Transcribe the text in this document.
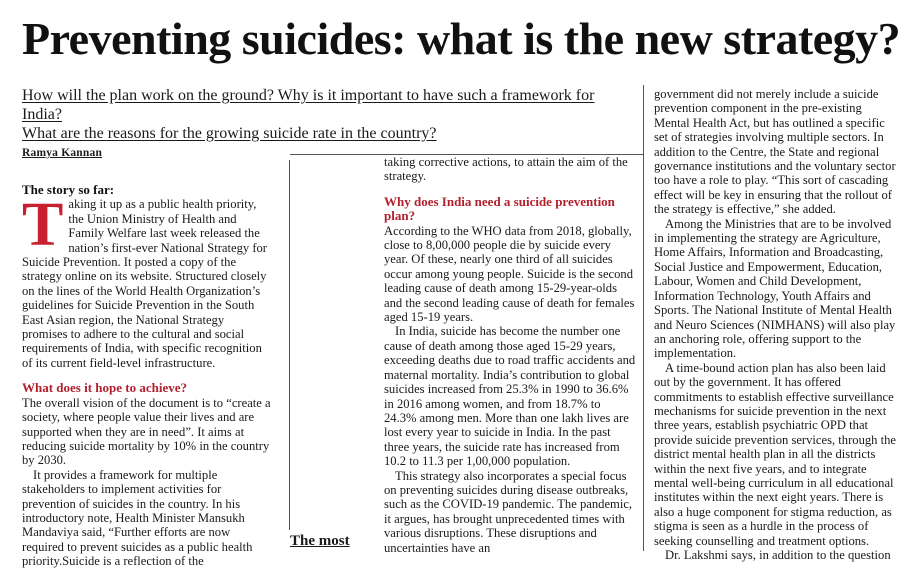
Preventing suicides: what is the new strategy?
How will the plan work on the ground? Why is it important to have such a framework for India?
What are the reasons for the growing suicide rate in the country?
Ramya Kannan
The story so far:

Taking it up as a public health priority, the Union Ministry of Health and Family Welfare last week released the nation’s first-ever National Strategy for Suicide Prevention. It posted a copy of the strategy online on its website. Structured closely on the lines of the World Health Organization’s guidelines for Suicide Prevention in the South East Asian region, the National Strategy promises to adhere to the cultural and social requirements of India, with specific recognition of its current field-level infrastructure.

What does it hope to achieve?

The overall vision of the document is to “create a society, where people value their lives and are supported when they are in need”. It aims at reducing suicide mortality by 10% in the country by 2030.

It provides a framework for multiple stakeholders to implement activities for prevention of suicides in the country. In his introductory note, Health Minister Mansukh Mandaviya said, “Further efforts are now required to prevent suicides as a public health priority.Suicide is a reflection of the

taking corrective actions, to attain the aim of the strategy.

Why does India need a suicide prevention plan?

According to the WHO data from 2018, globally, close to 8,00,000 people die by suicide every year. Of these, nearly one third of all suicides occur among young people. Suicide is the second leading cause of death among 15-29-year-olds and the second leading cause of death for females aged 15-19 years.

In India, suicide has become the number one cause of death among those aged 15-29 years, exceeding deaths due to road traffic accidents and maternal mortality. India’s contribution to global suicides increased from 25.3% in 1990 to 36.6% in 2016 among women, and from 18.7% to 24.3% among men. More than one lakh lives are lost every year to suicide in India. In the past three years, the suicide rate has increased from 10.2 to 11.3 per 1,00,000 population.

This strategy also incorporates a special focus on preventing suicides during disease outbreaks, such as the COVID-19 pandemic. The pandemic, it argues, has brought unprecedented times with various disruptions. These disruptions and uncertainties have an

government did not merely include a suicide prevention component in the pre-existing Mental Health Act, but has outlined a specific set of strategies involving multiple sectors. In addition to the Centre, the State and regional governance institutions and the voluntary sector too have a role to play. “This sort of cascading effect will be key in ensuring that the rollout of the strategy is effective,” she added.

Among the Ministries that are to be involved in implementing the strategy are Agriculture, Home Affairs, Information and Broadcasting, Social Justice and Empowerment, Education, Labour, Women and Child Development, Information Technology, Youth Affairs and Sports. The National Institute of Mental Health and Neuro Sciences (NIMHANS) will also play an anchoring role, offering support to the implementation.

A time-bound action plan has also been laid out by the government. It has offered commitments to establish effective surveillance mechanisms for suicide prevention in the next three years, establish psychiatric OPD that provide suicide prevention services, through the district mental health plan in all the districts within the next five years, and to integrate mental well-being curriculum in all educational institutes within the next eight years. There is also a huge component for stigma reduction, as stigma is seen as a hurdle in the process of seeking counselling and treatment options.

Dr. Lakshmi says, in addition to the question

The most
